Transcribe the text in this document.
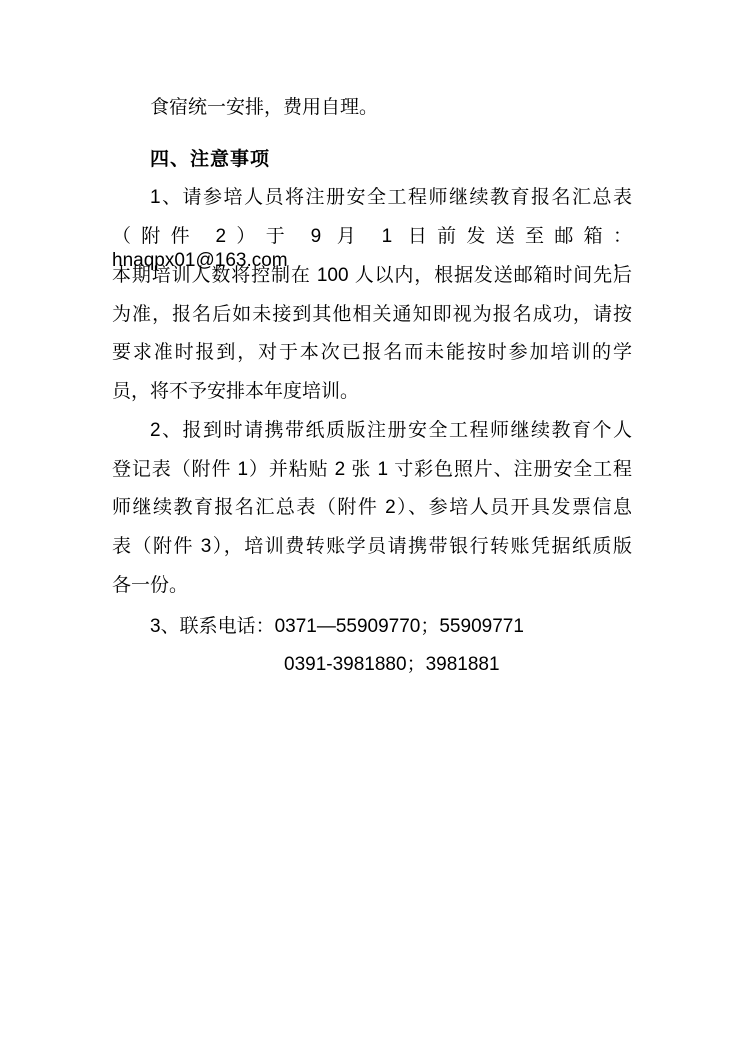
食宿统一安排，费用自理。
四、注意事项
1、请参培人员将注册安全工程师继续教育报名汇总表
（附件 2）于 9 月 1 日前发送至邮箱： hnaqpx01@163.com，
本期培训人数将控制在 100 人以内，根据发送邮箱时间先后
为准，报名后如未接到其他相关通知即视为报名成功，请按
要求准时报到，对于本次已报名而未能按时参加培训的学
员，将不予安排本年度培训。
2、报到时请携带纸质版注册安全工程师继续教育个人
登记表（附件 1）并粘贴 2 张 1 寸彩色照片、注册安全工程
师继续教育报名汇总表（附件 2）、参培人员开具发票信息
表（附件 3），培训费转账学员请携带银行转账凭据纸质版
各一份。
3、联系电话：0371—55909770；55909771
0391-3981880；3981881
